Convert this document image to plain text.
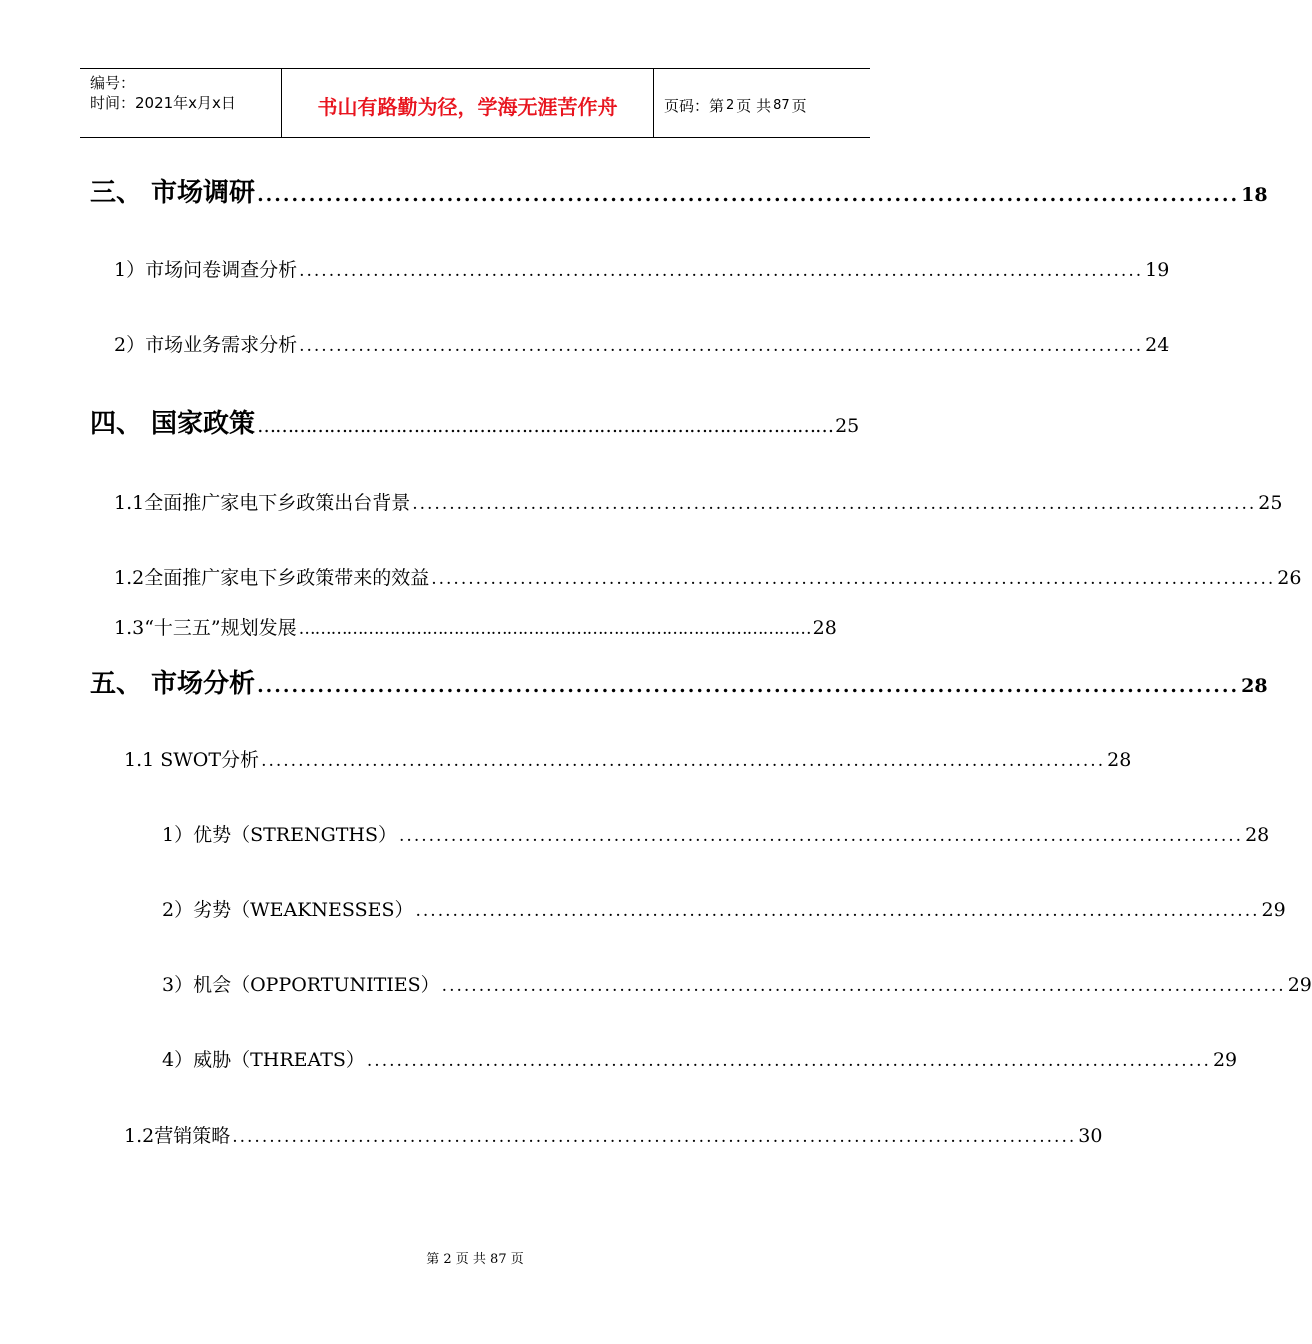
编号：
时间：2021年x月x日	书山有路勤为径，学海无涯苦作舟	页码：第 2 页 共 87 页
三、 市场调研 .................................................................................................................. 18
1）市场问卷调查分析 .................................................................................................................. 19
2）市场业务需求分析 .................................................................................................................. 24
四、 国家政策 …………………………………………………………………………………… 25
1.1全面推广家电下乡政策出台背景 .................................................................................................................. 25
1.2全面推广家电下乡政策带来的效益 .................................................................................................................. 26
1.3“十三五”规划发展 …………………………………………………………………………………… 28
五、 市场分析 .................................................................................................................. 28
1.1 SWOT分析 .................................................................................................................. 28
1）优势（STRENGTHS） .................................................................................................................. 28
2）劣势（WEAKNESSES） .................................................................................................................. 29
3）机会（OPPORTUNITIES） .................................................................................................................. 29
4）威胁（THREATS） .................................................................................................................. 29
1.2营销策略 .................................................................................................................. 30
第 2 页 共 87 页
